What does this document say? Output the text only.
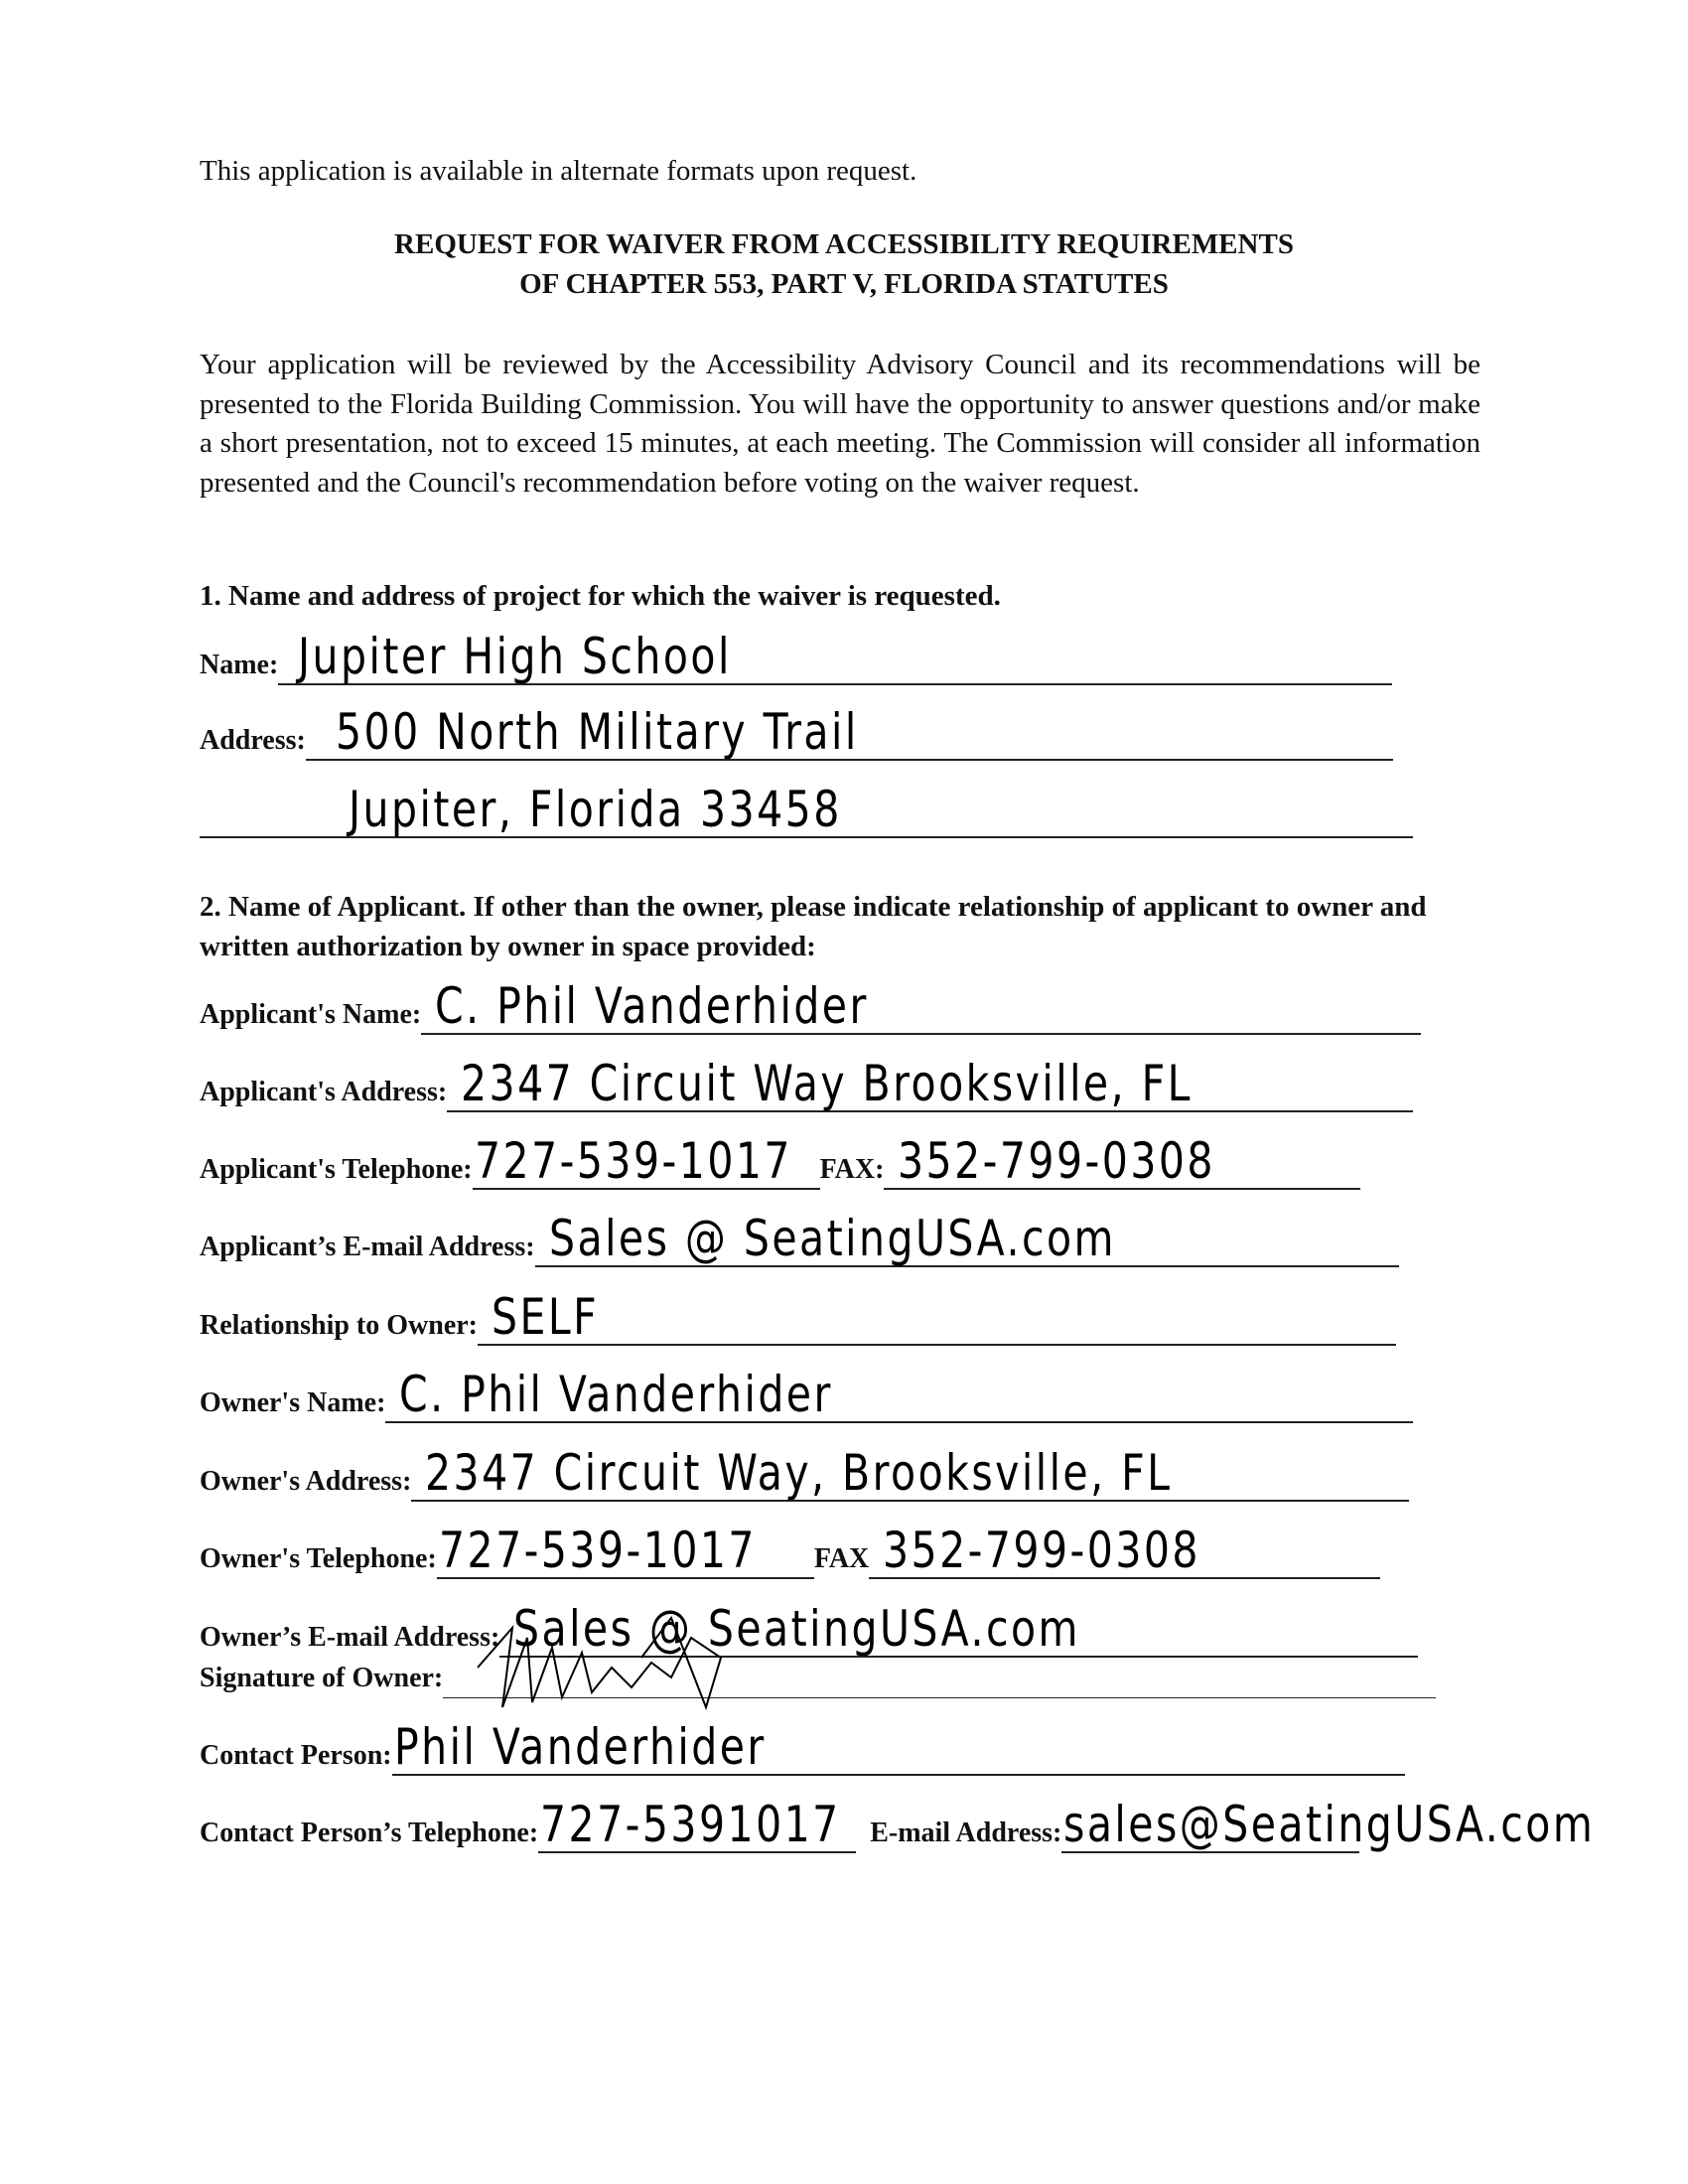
This application is available in alternate formats upon request.
REQUEST FOR WAIVER FROM ACCESSIBILITY REQUIREMENTS
OF CHAPTER 553, PART V, FLORIDA STATUTES
Your application will be reviewed by the Accessibility Advisory Council and its recommendations will be presented to the Florida Building Commission. You will have the opportunity to answer questions and/or make a short presentation, not to exceed 15 minutes, at each meeting. The Commission will consider all information presented and the Council's recommendation before voting on the waiver request.
1. Name and address of project for which the waiver is requested.
Name: Jupiter High School
Address: 500 North Military Trail
Jupiter, Florida 33458
2. Name of Applicant. If other than the owner, please indicate relationship of applicant to owner and written authorization by owner in space provided:
Applicant's Name: C. Phil Vanderhider
Applicant's Address: 2347 Circuit Way Brooksville, FL
Applicant's Telephone: 727-539-1017 FAX: 352-799-0308
Applicant’s E-mail Address: Sales @ SeatingUSA.com
Relationship to Owner: SELF
Owner's Name: C. Phil Vanderhider
Owner's Address: 2347 Circuit Way, Brooksville, FL
Owner's Telephone: 727-539-1017 FAX 352-799-0308
Owner’s E-mail Address: Sales @ SeatingUSA.com
Signature of Owner:
Contact Person: Phil Vanderhider
Contact Person’s Telephone: 727-5391017 E-mail Address: sales@SeatingUSA.com
